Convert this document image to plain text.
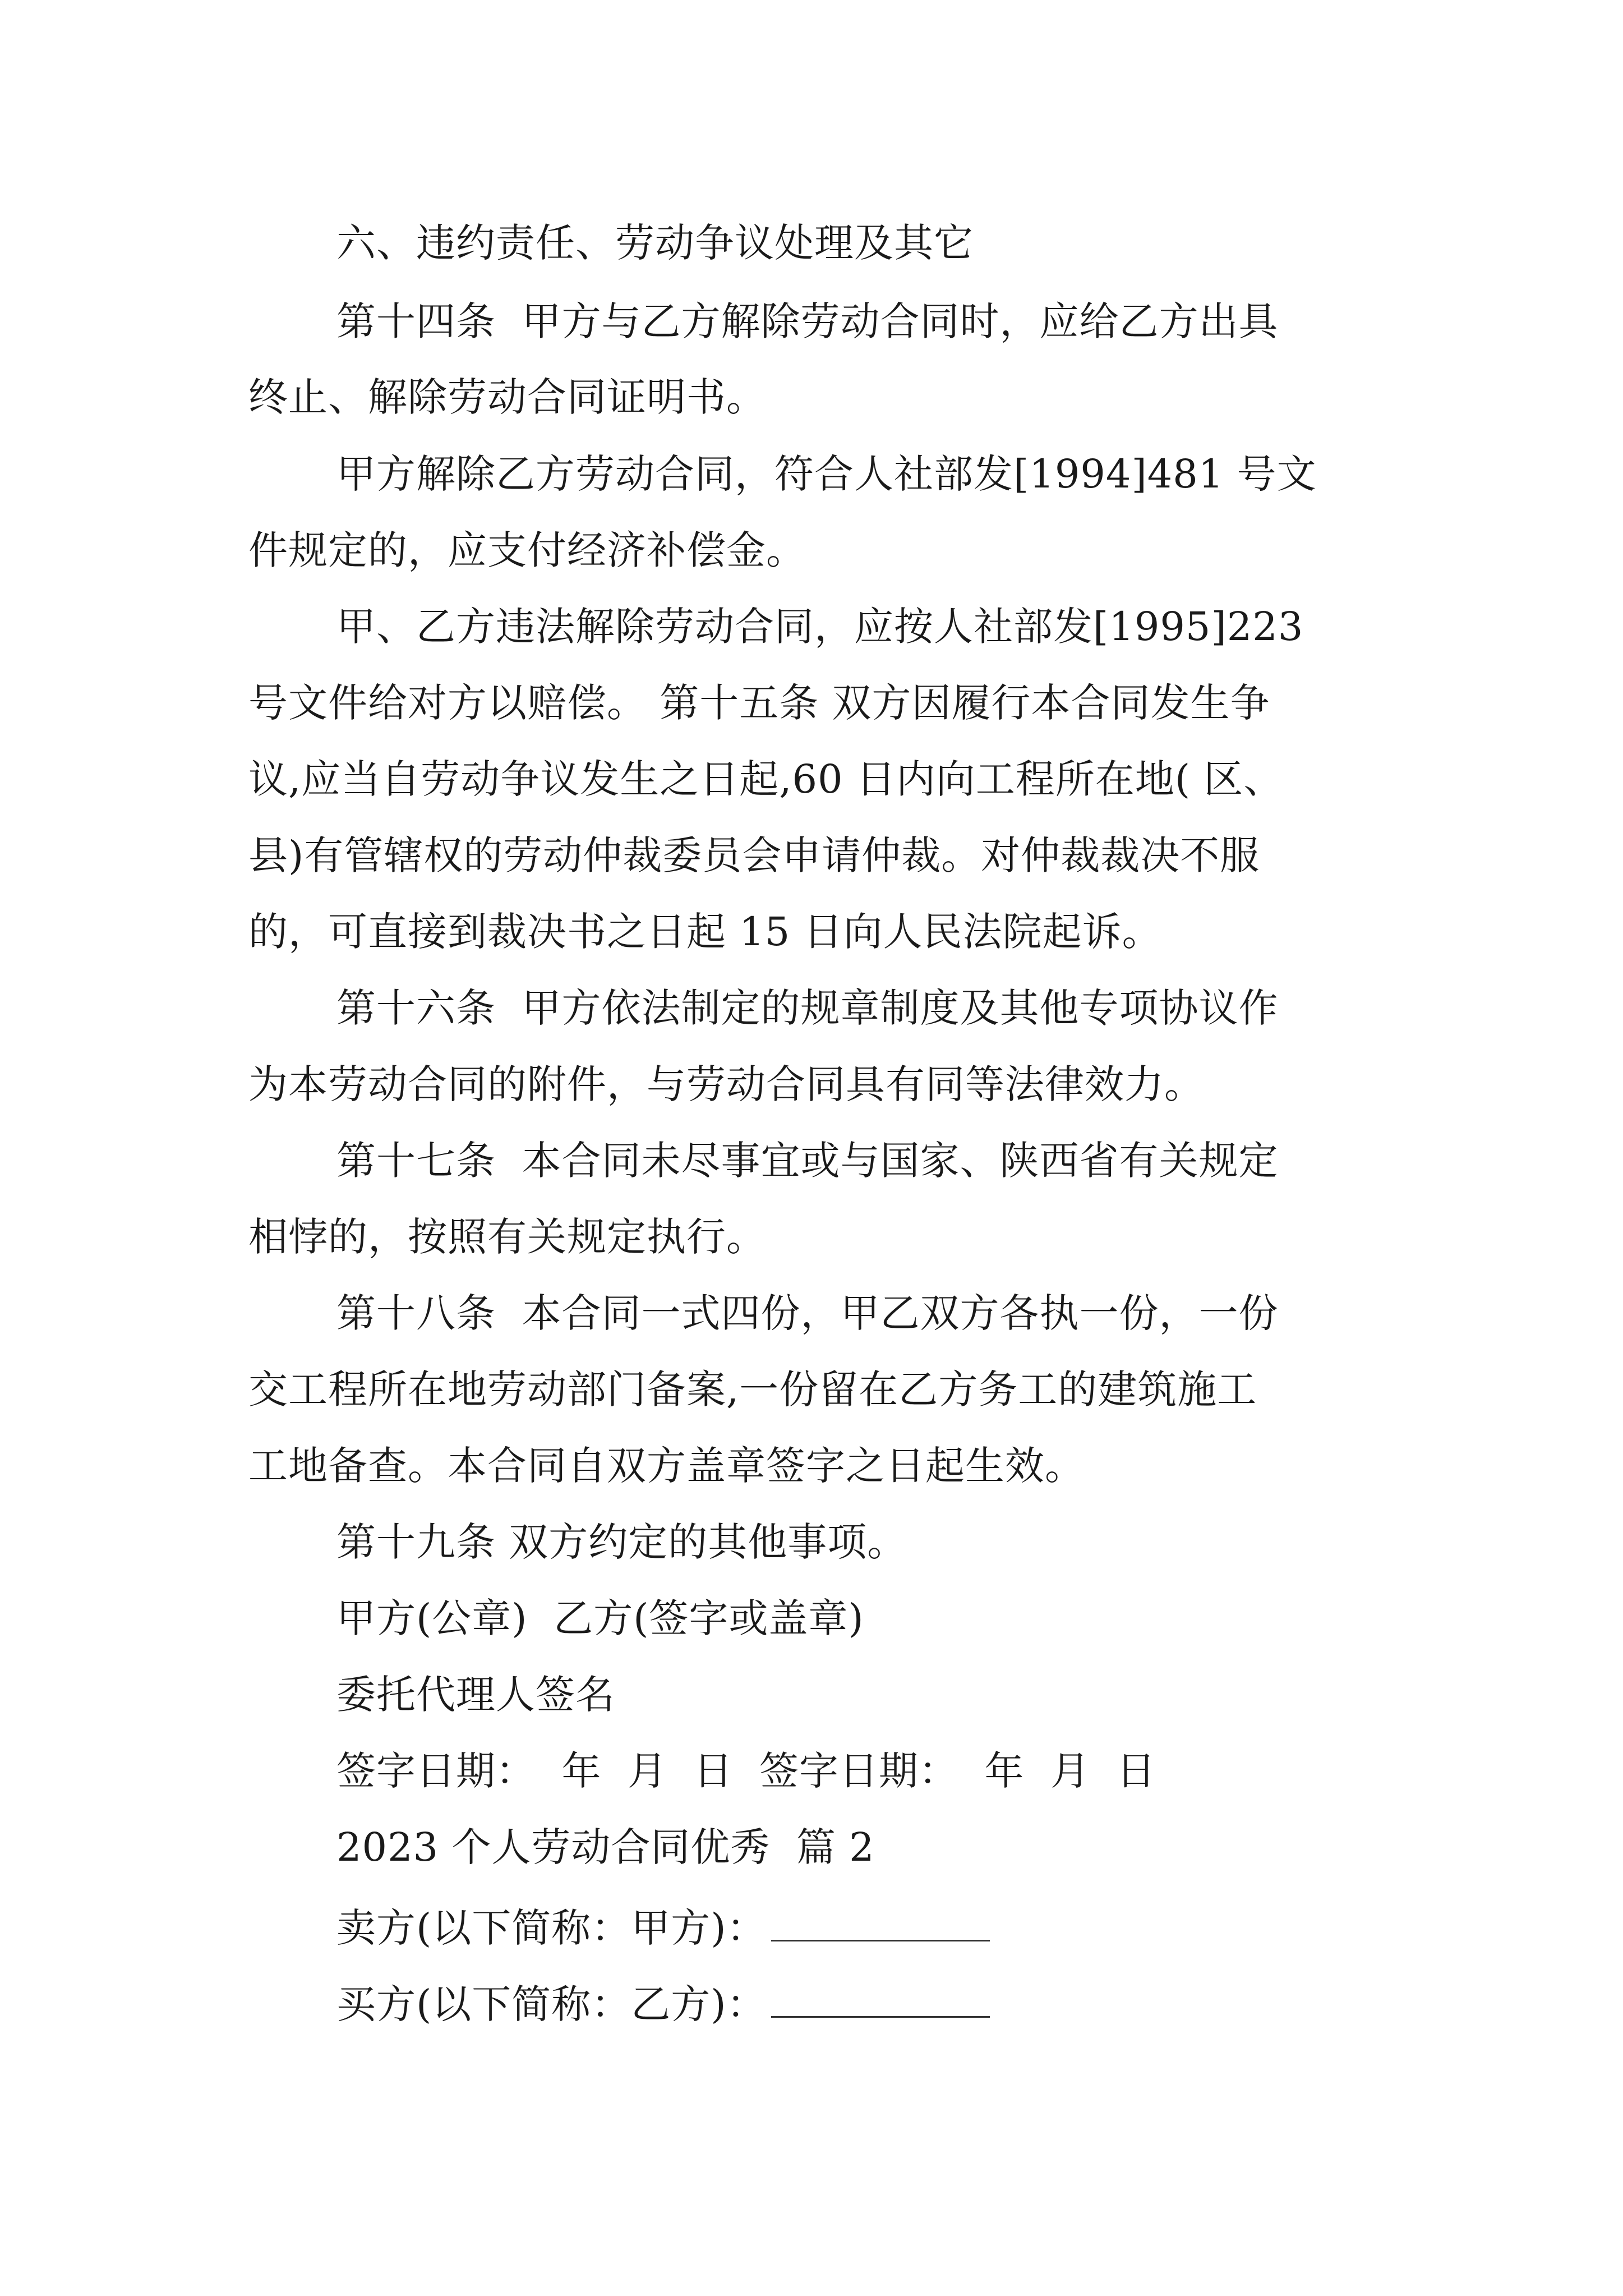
六、违约责任、劳动争议处理及其它
第十四条  甲方与乙方解除劳动合同时，应给乙方出具
终止、解除劳动合同证明书。
甲方解除乙方劳动合同，符合人社部发[1994]481 号文
件规定的，应支付经济补偿金。
甲、乙方违法解除劳动合同，应按人社部发[1995]223
号文件给对方以赔偿。 第十五条 双方因履行本合同发生争
议,应当自劳动争议发生之日起,60 日内向工程所在地( 区、
县)有管辖权的劳动仲裁委员会申请仲裁。对仲裁裁决不服
的，可直接到裁决书之日起 15 日向人民法院起诉。
第十六条  甲方依法制定的规章制度及其他专项协议作
为本劳动合同的附件，与劳动合同具有同等法律效力。
第十七条  本合同未尽事宜或与国家、陕西省有关规定
相悖的，按照有关规定执行。
第十八条  本合同一式四份，甲乙双方各执一份，一份
交工程所在地劳动部门备案,一份留在乙方务工的建筑施工
工地备查。本合同自双方盖章签字之日起生效。
第十九条 双方约定的其他事项。
甲方(公章)  乙方(签字或盖章)
委托代理人签名
签字日期：  年  月  日  签字日期：  年  月  日
2023 个人劳动合同优秀  篇 2
卖方(以下简称：甲方)：
买方(以下简称：乙方)：
